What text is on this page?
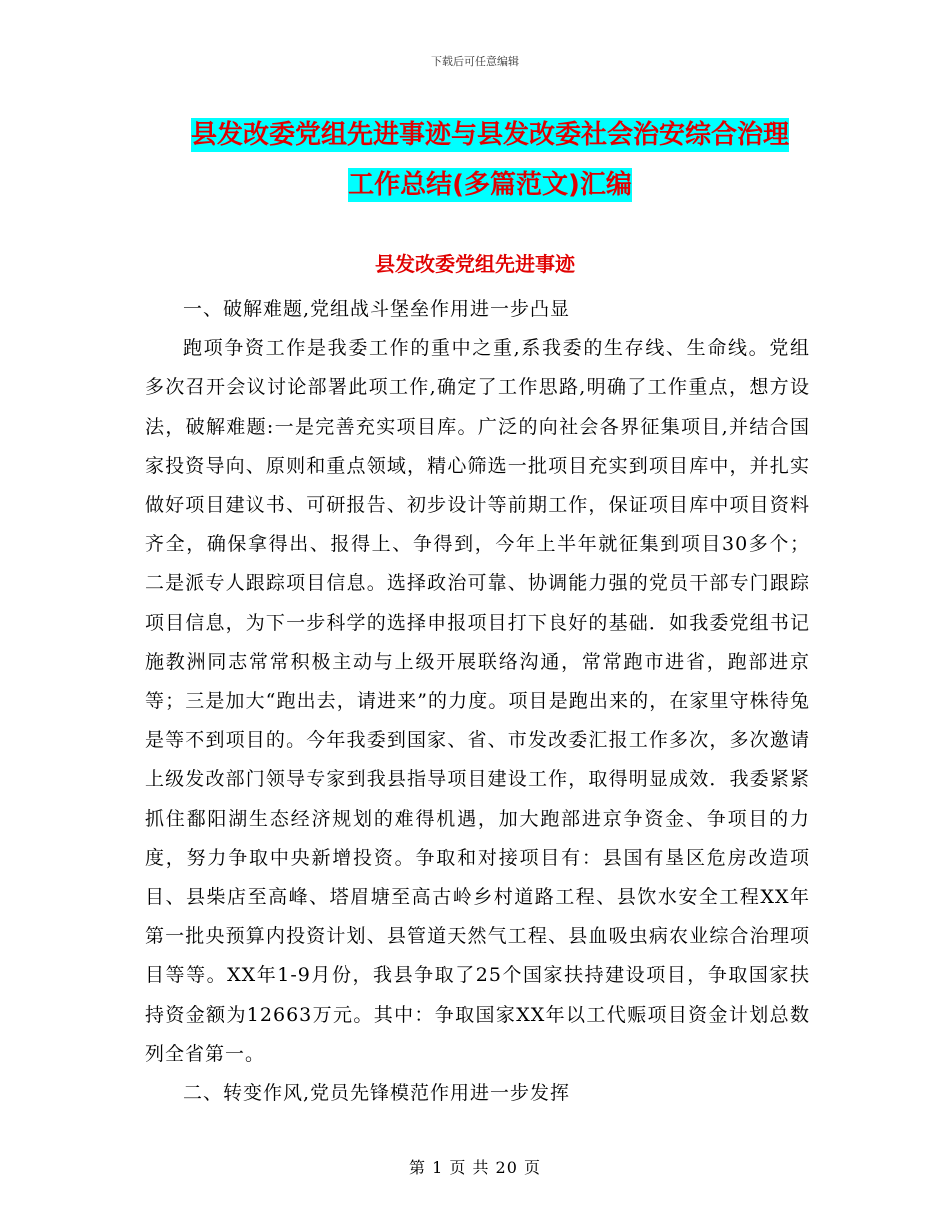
下载后可任意编辑
县发改委党组先进事迹与县发改委社会治安综合治理
工作总结(多篇范文)汇编
县发改委党组先进事迹

一、破解难题,党组战斗堡垒作用进一步凸显

跑项争资工作是我委工作的重中之重,系我委的生存线、生命线。党组多次召开会议讨论部署此项工作,确定了工作思路,明确了工作重点，想方设法，破解难题:一是完善充实项目库。广泛的向社会各界征集项目,并结合国家投资导向、原则和重点领域，精心筛选一批项目充实到项目库中，并扎实做好项目建议书、可研报告、初步设计等前期工作，保证项目库中项目资料齐全，确保拿得出、报得上、争得到，今年上半年就征集到项目30多个；二是派专人跟踪项目信息。选择政治可靠、协调能力强的党员干部专门跟踪项目信息，为下一步科学的选择申报项目打下良好的基础．如我委党组书记施教洲同志常常积极主动与上级开展联络沟通，常常跑市进省，跑部进京等；三是加大“跑出去，请进来”的力度。项目是跑出来的，在家里守株待兔是等不到项目的。今年我委到国家、省、市发改委汇报工作多次，多次邀请上级发改部门领导专家到我县指导项目建设工作，取得明显成效．我委紧紧抓住鄱阳湖生态经济规划的难得机遇，加大跑部进京争资金、争项目的力度，努力争取中央新增投资。争取和对接项目有：县国有垦区危房改造项目、县柴店至高峰、塔眉塘至高古岭乡村道路工程、县饮水安全工程XX年第一批央预算内投资计划、县管道天然气工程、县血吸虫病农业综合治理项目等等。XX年1-9月份，我县争取了25个国家扶持建设项目，争取国家扶持资金额为12663万元。其中：争取国家XX年以工代赈项目资金计划总数列全省第一。

二、转变作风,党员先锋模范作用进一步发挥

第 1 页 共 20 页
